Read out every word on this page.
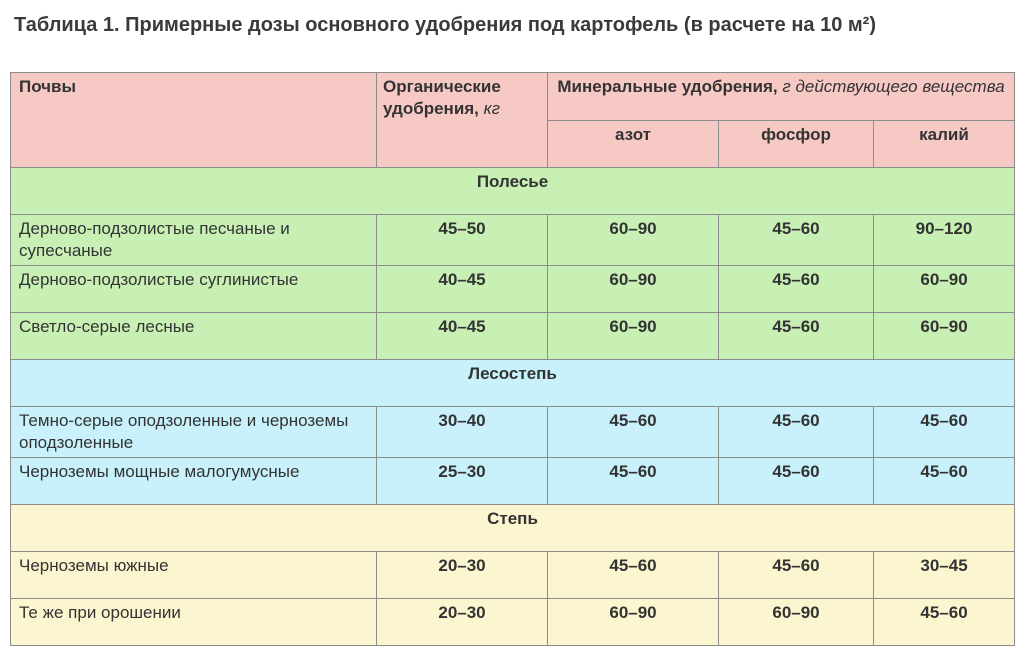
Таблица 1. Примерные дозы основного удобрения под картофель (в расчете на 10 м²)
Почвы	Органические удобрения, кг	Минеральные удобрения, г действующего вещества		
		азот	фосфор	калий
Полесье				
Дерново-подзолистые песчаные и супесчаные	45–50	60–90	45–60	90–120
Дерново-подзолистые суглинистые	40–45	60–90	45–60	60–90
Светло-серые лесные	40–45	60–90	45–60	60–90
Лесостепь				
Темно-серые оподзоленные и черноземы оподзоленные	30–40	45–60	45–60	45–60
Черноземы мощные малогумусные	25–30	45–60	45–60	45–60
Степь				
Черноземы южные	20–30	45–60	45–60	30–45
Те же при орошении	20–30	60–90	60–90	45–60
